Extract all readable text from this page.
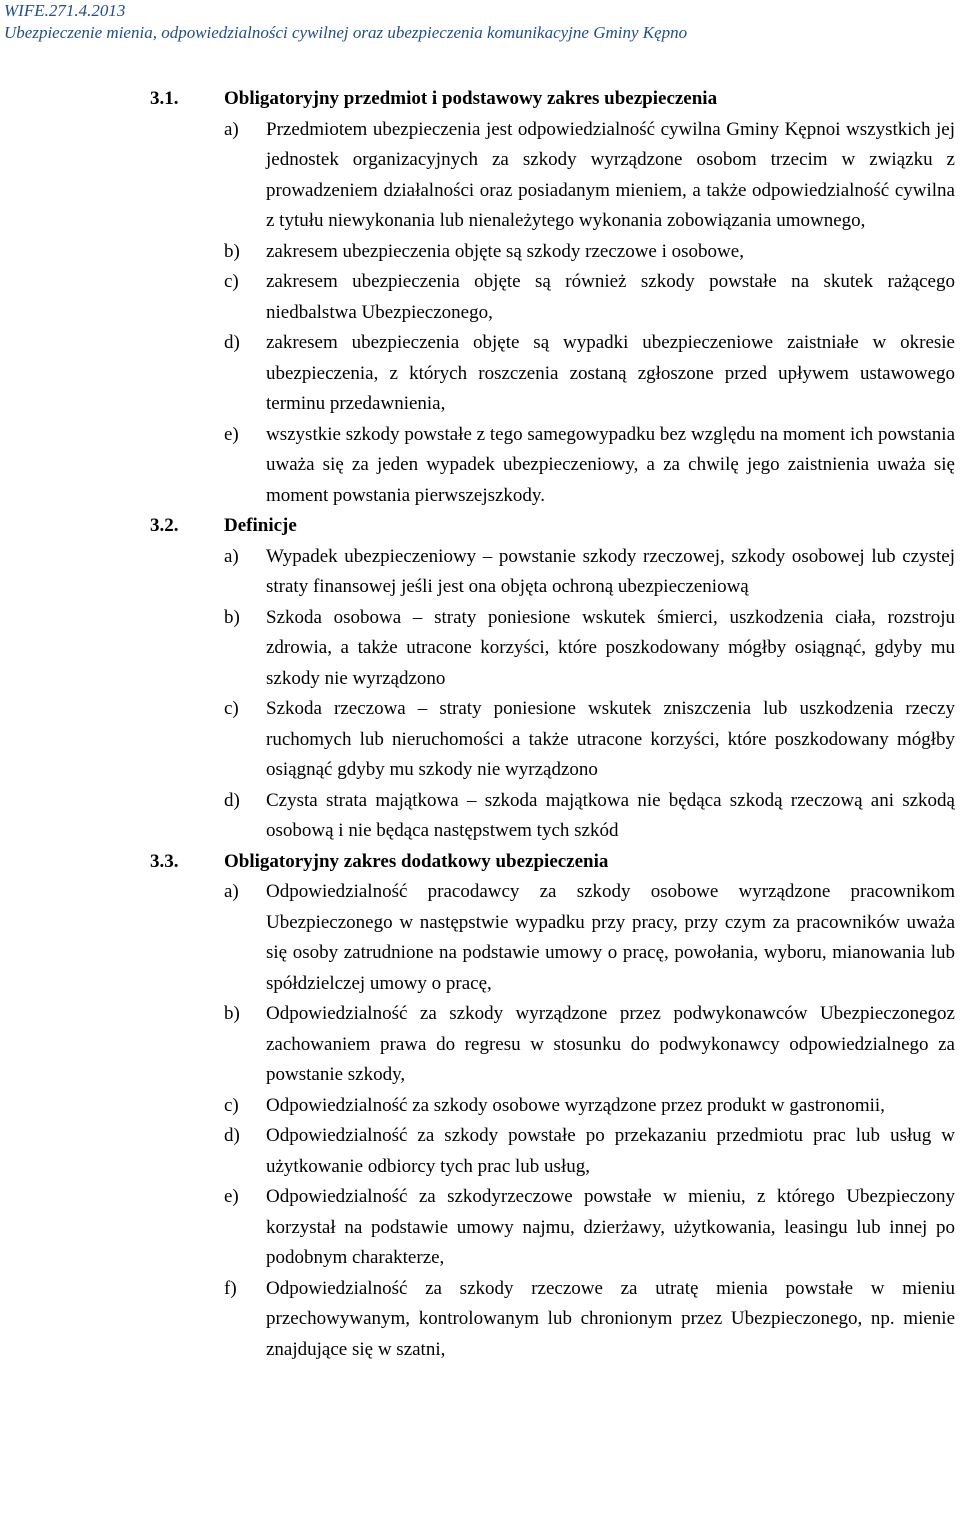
WIFE.271.4.2013
Ubezpieczenie mienia, odpowiedzialności cywilnej oraz ubezpieczenia komunikacyjne Gminy Kępno
3.1. Obligatoryjny przedmiot i podstawowy zakres ubezpieczenia
a)	Przedmiotem ubezpieczenia jest odpowiedzialność cywilna Gminy Kępnoi wszystkich jej jednostek organizacyjnych za szkody wyrządzone osobom trzecim w związku z prowadzeniem działalności oraz posiadanym mieniem, a także odpowiedzialność cywilna z tytułu niewykonania lub nienależytego wykonania zobowiązania umownego,
b)	zakresem ubezpieczenia objęte są szkody rzeczowe i osobowe,
c)	zakresem ubezpieczenia objęte są również szkody powstałe na skutek rażącego niedbalstwa Ubezpieczonego,
d)	zakresem ubezpieczenia objęte są wypadki ubezpieczeniowe zaistniałe w okresie ubezpieczenia, z których roszczenia zostaną zgłoszone przed upływem ustawowego terminu przedawnienia,
e)	wszystkie szkody powstałe z tego samegowypadku bez względu na moment ich powstania uważa się za jeden wypadek ubezpieczeniowy, a za chwilę jego zaistnienia uważa się moment powstania pierwszejszkody.
3.2. Definicje
a)	Wypadek ubezpieczeniowy – powstanie szkody rzeczowej, szkody osobowej lub czystej straty finansowej jeśli jest ona objęta ochroną ubezpieczeniową
b)	Szkoda osobowa – straty poniesione wskutek śmierci, uszkodzenia ciała, rozstroju zdrowia, a także utracone korzyści, które poszkodowany mógłby osiągnąć, gdyby mu szkody nie wyrządzono
c)	Szkoda rzeczowa – straty poniesione wskutek zniszczenia lub uszkodzenia rzeczy ruchomych lub nieruchomości a także utracone korzyści, które poszkodowany mógłby osiągnąć gdyby mu szkody nie wyrządzono
d)	Czysta strata majątkowa – szkoda majątkowa nie będąca szkodą rzeczową ani szkodą osobową i nie będąca następstwem tych szkód
3.3. Obligatoryjny zakres dodatkowy ubezpieczenia
a)	Odpowiedzialność pracodawcy za szkody osobowe wyrządzone pracownikom Ubezpieczonego w następstwie wypadku przy pracy, przy czym za pracowników uważa się osoby zatrudnione na podstawie umowy o pracę, powołania, wyboru, mianowania lub spółdzielczej umowy o pracę,
b)	Odpowiedzialność za szkody wyrządzone przez podwykonawców Ubezpieczonegoz zachowaniem prawa do regresu w stosunku do podwykonawcy odpowiedzialnego za powstanie szkody,
c)	Odpowiedzialność za szkody osobowe wyrządzone przez produkt w gastronomii,
d)	Odpowiedzialność za szkody powstałe po przekazaniu przedmiotu prac lub usług w użytkowanie odbiorcy tych prac lub usług,
e)	Odpowiedzialność za szkodyrzeczowe powstałe w mieniu, z którego Ubezpieczony korzystał na podstawie umowy najmu, dzierżawy, użytkowania, leasingu lub innej po podobnym charakterze,
f)	Odpowiedzialność za szkody rzeczowe za utratę mienia powstałe w mieniu przechowywanym, kontrolowanym lub chronionym przez Ubezpieczonego, np. mienie znajdujące się w szatni,
